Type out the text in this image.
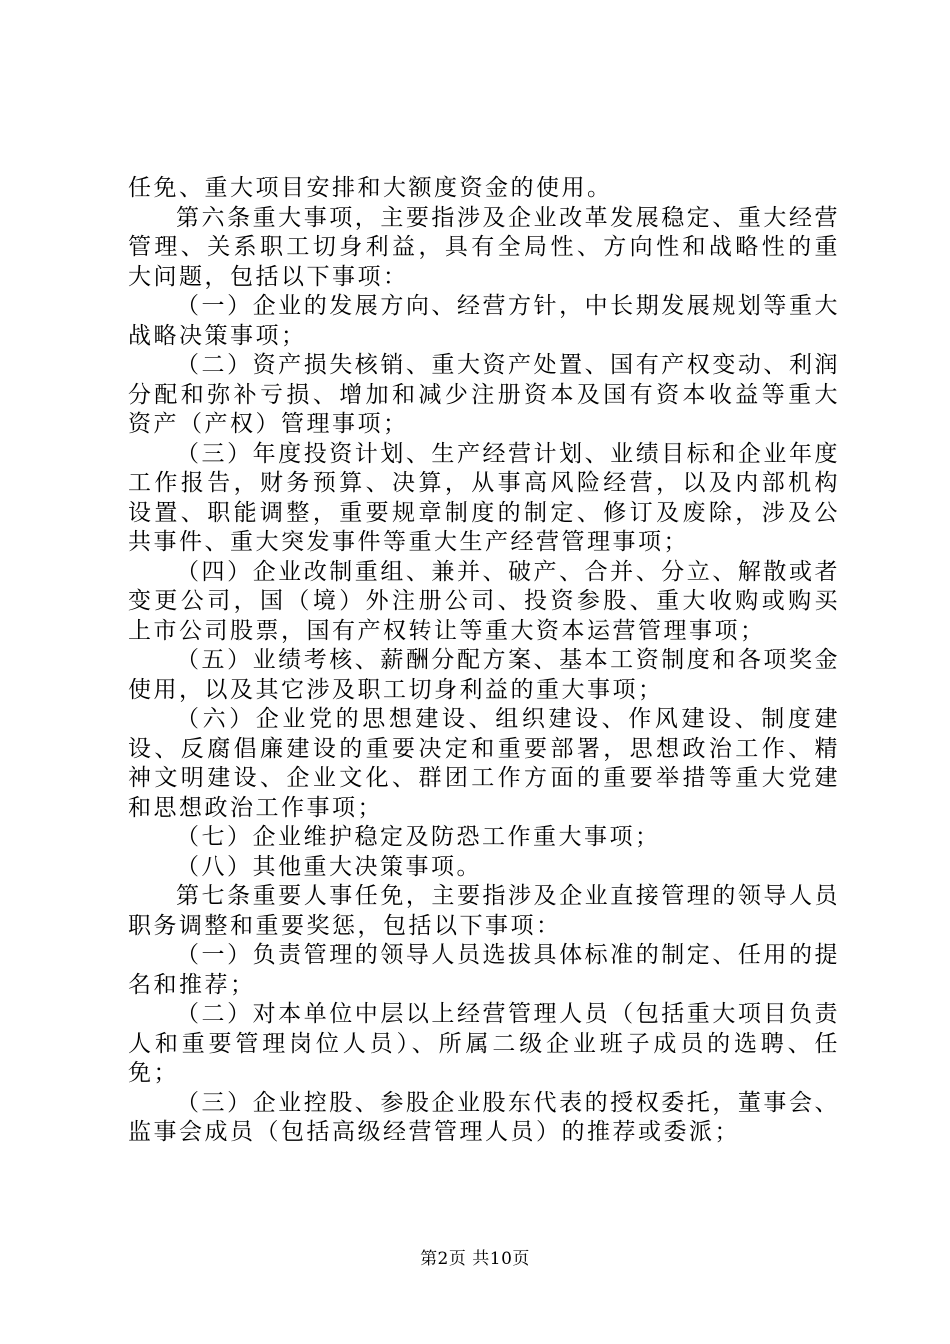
任免、重大项目安排和大额度资金的使用。

第六条重大事项，主要指涉及企业改革发展稳定、重大经营管理、关系职工切身利益，具有全局性、方向性和战略性的重大问题，包括以下事项：

（一）企业的发展方向、经营方针，中长期发展规划等重大战略决策事项；

（二）资产损失核销、重大资产处置、国有产权变动、利润分配和弥补亏损、增加和减少注册资本及国有资本收益等重大资产（产权）管理事项；

（三）年度投资计划、生产经营计划、业绩目标和企业年度工作报告，财务预算、决算，从事高风险经营，以及内部机构设置、职能调整，重要规章制度的制定、修订及废除，涉及公共事件、重大突发事件等重大生产经营管理事项；

（四）企业改制重组、兼并、破产、合并、分立、解散或者变更公司，国（境）外注册公司、投资参股、重大收购或购买上市公司股票，国有产权转让等重大资本运营管理事项；

（五）业绩考核、薪酬分配方案、基本工资制度和各项奖金使用，以及其它涉及职工切身利益的重大事项；

（六）企业党的思想建设、组织建设、作风建设、制度建设、反腐倡廉建设的重要决定和重要部署，思想政治工作、精神文明建设、企业文化、群团工作方面的重要举措等重大党建和思想政治工作事项；

（七）企业维护稳定及防恐工作重大事项；

（八）其他重大决策事项。

第七条重要人事任免，主要指涉及企业直接管理的领导人员职务调整和重要奖惩，包括以下事项：

（一）负责管理的领导人员选拔具体标准的制定、任用的提名和推荐；

（二）对本单位中层以上经营管理人员（包括重大项目负责人和重要管理岗位人员）、所属二级企业班子成员的选聘、任免；

（三）企业控股、参股企业股东代表的授权委托，董事会、监事会成员（包括高级经营管理人员）的推荐或委派；

第2页 共10页
